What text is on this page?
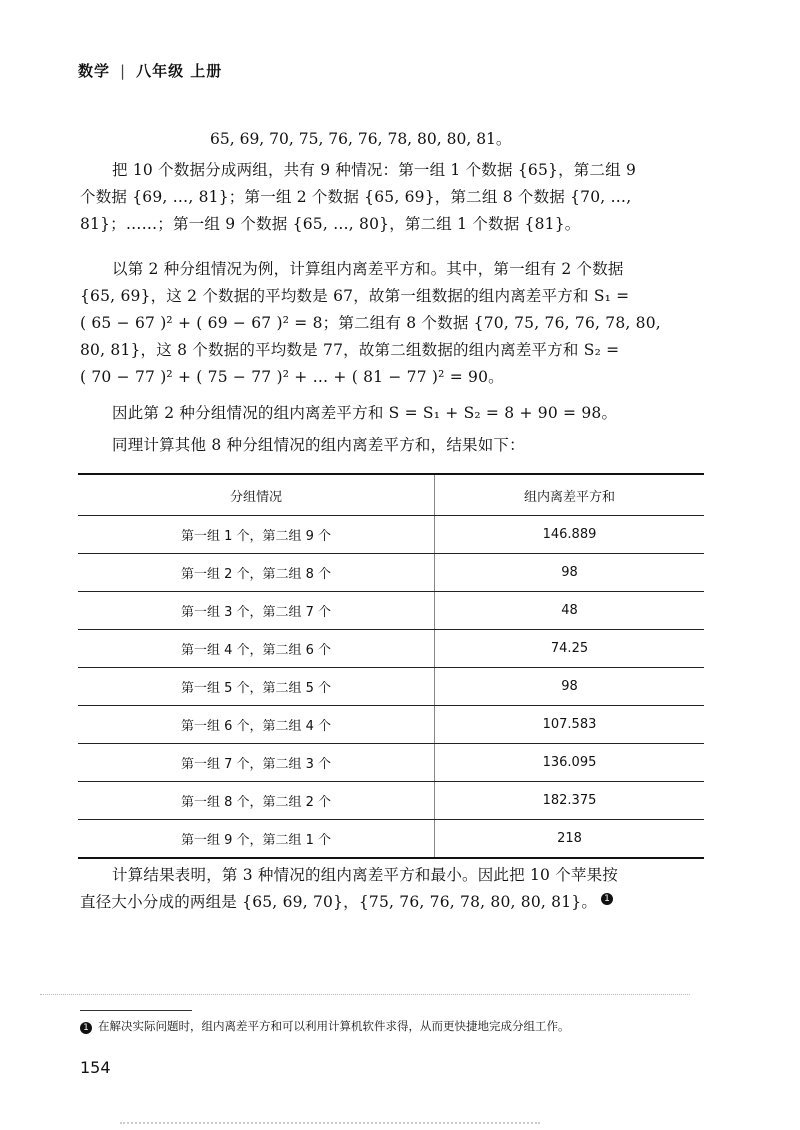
数学 | 八年级 上册
65, 69, 70, 75, 76, 76, 78, 80, 80, 81。
把 10 个数据分成两组，共有 9 种情况：第一组 1 个数据 {65}，第二组 9
个数据 {69, …, 81}；第一组 2 个数据 {65, 69}，第二组 8 个数据 {70, …,
81}；……；第一组 9 个数据 {65, …, 80}，第二组 1 个数据 {81}。
以第 2 种分组情况为例，计算组内离差平方和。其中，第一组有 2 个数据
{65, 69}，这 2 个数据的平均数是 67，故第一组数据的组内离差平方和 S₁ =
( 65 − 67 )² + ( 69 − 67 )² = 8；第二组有 8 个数据 {70, 75, 76, 76, 78, 80,
80, 81}，这 8 个数据的平均数是 77，故第二组数据的组内离差平方和 S₂ =
( 70 − 77 )² + ( 75 − 77 )² + … + ( 81 − 77 )² = 90。
因此第 2 种分组情况的组内离差平方和 S = S₁ + S₂ = 8 + 90 = 98。
同理计算其他 8 种分组情况的组内离差平方和，结果如下：
分组情况	组内离差平方和
第一组 1 个，第二组 9 个	146.889
第一组 2 个，第二组 8 个	98
第一组 3 个，第二组 7 个	48
第一组 4 个，第二组 6 个	74.25
第一组 5 个，第二组 5 个	98
第一组 6 个，第二组 4 个	107.583
第一组 7 个，第二组 3 个	136.095
第一组 8 个，第二组 2 个	182.375
第一组 9 个，第二组 1 个	218
计算结果表明，第 3 种情况的组内离差平方和最小。因此把 10 个苹果按
直径大小分成的两组是 {65, 69, 70}，{75, 76, 76, 78, 80, 80, 81}。 1
1 在解决实际问题时，组内离差平方和可以利用计算机软件求得，从而更快捷地完成分组工作。
154
